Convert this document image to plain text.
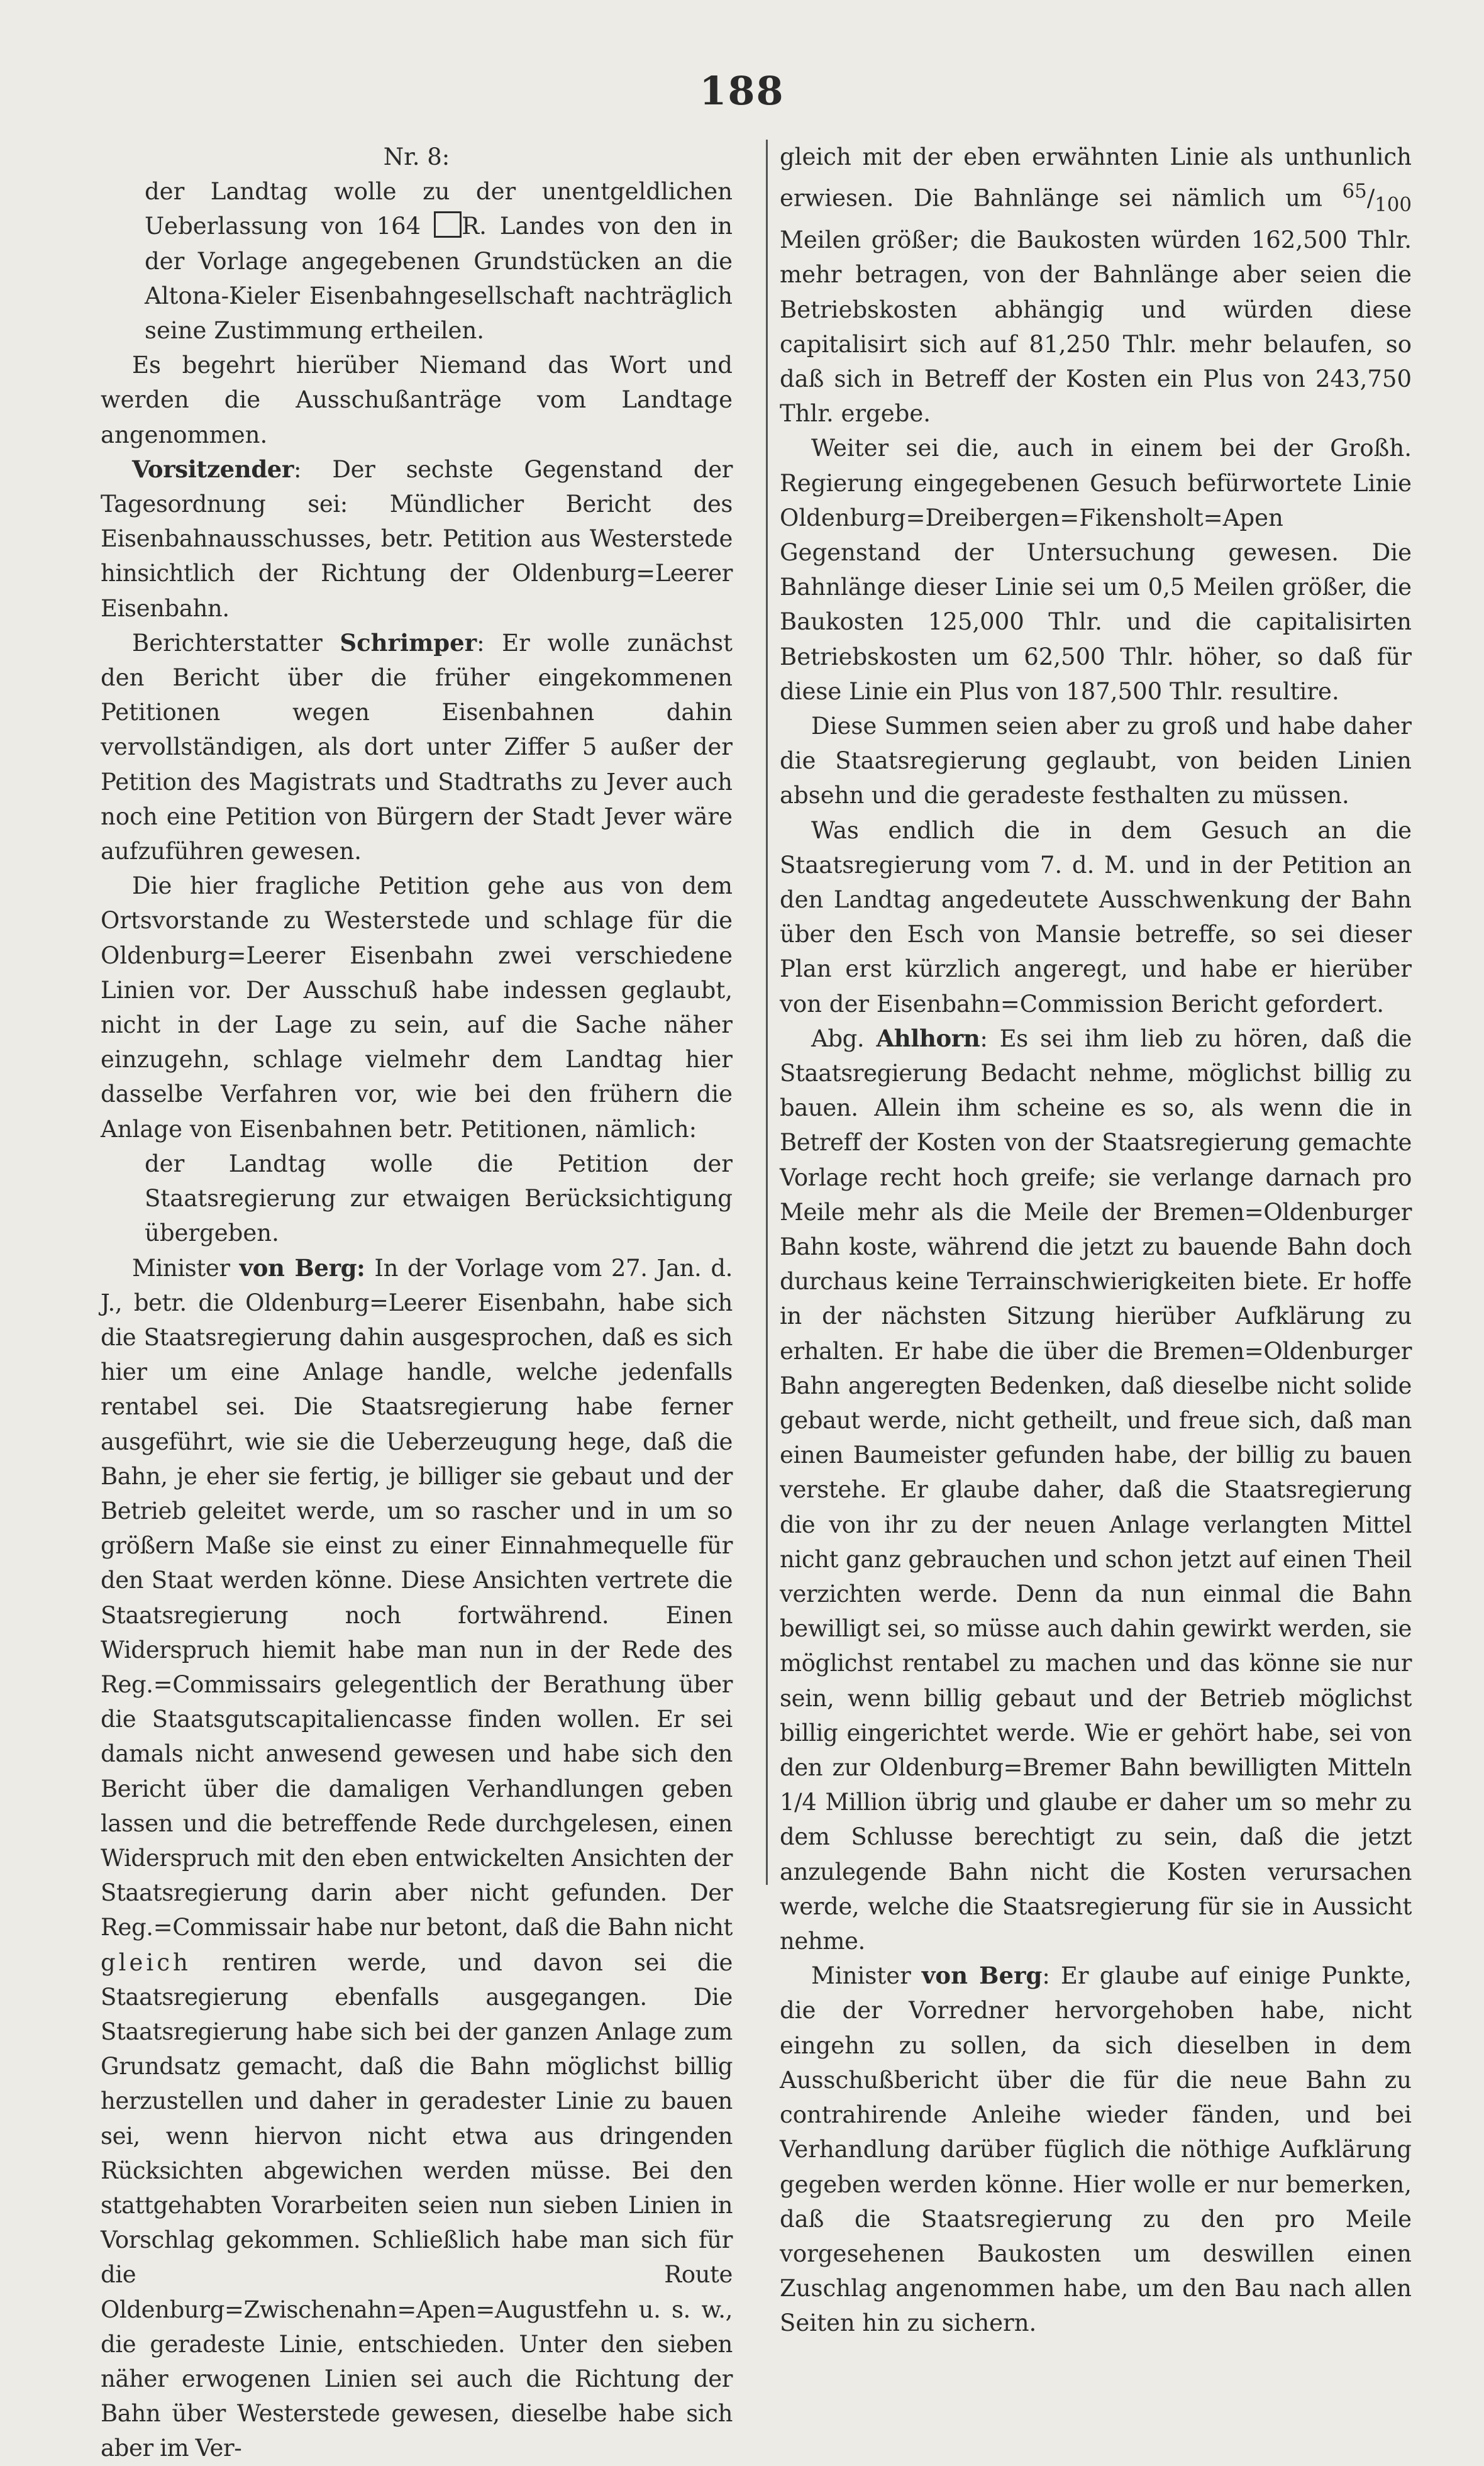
188

Nr. 8:

der Landtag wolle zu der unentgeldlichen Ueberlassung von 164 R. Landes von den in der Vorlage angegebenen Grundstücken an die Altona-Kieler Eisenbahngesellschaft nachträglich seine Zustimmung ertheilen.

Es begehrt hierüber Niemand das Wort und werden die Ausschußanträge vom Landtage angenommen.

Vorsitzender: Der sechste Gegenstand der Tagesordnung sei: Mündlicher Bericht des Eisenbahnausschusses, betr. Petition aus Westerstede hinsichtlich der Richtung der Oldenburg=Leerer Eisenbahn.

Berichterstatter Schrimper: Er wolle zunächst den Bericht über die früher eingekommenen Petitionen wegen Eisenbahnen dahin vervollständigen, als dort unter Ziffer 5 außer der Petition des Magistrats und Stadtraths zu Jever auch noch eine Petition von Bürgern der Stadt Jever wäre aufzuführen gewesen.

Die hier fragliche Petition gehe aus von dem Ortsvorstande zu Westerstede und schlage für die Oldenburg=Leerer Eisenbahn zwei verschiedene Linien vor. Der Ausschuß habe indessen geglaubt, nicht in der Lage zu sein, auf die Sache näher einzugehn, schlage vielmehr dem Landtag hier dasselbe Verfahren vor, wie bei den frühern die Anlage von Eisenbahnen betr. Petitionen, nämlich:

der Landtag wolle die Petition der Staatsregierung zur etwaigen Berücksichtigung übergeben.

Minister von Berg: In der Vorlage vom 27. Jan. d. J., betr. die Oldenburg=Leerer Eisenbahn, habe sich die Staatsregierung dahin ausgesprochen, daß es sich hier um eine Anlage handle, welche jedenfalls rentabel sei. Die Staatsregierung habe ferner ausgeführt, wie sie die Ueberzeugung hege, daß die Bahn, je eher sie fertig, je billiger sie gebaut und der Betrieb geleitet werde, um so rascher und in um so größern Maße sie einst zu einer Einnahmequelle für den Staat werden könne. Diese Ansichten vertrete die Staatsregierung noch fortwährend. Einen Widerspruch hiemit habe man nun in der Rede des Reg.=Commissairs gelegentlich der Berathung über die Staatsgutscapitaliencasse finden wollen. Er sei damals nicht anwesend gewesen und habe sich den Bericht über die damaligen Verhandlungen geben lassen und die betreffende Rede durchgelesen, einen Widerspruch mit den eben entwickelten Ansichten der Staatsregierung darin aber nicht gefunden. Der Reg.=Commissair habe nur betont, daß die Bahn nicht gleich rentiren werde, und davon sei die Staatsregierung ebenfalls ausgegangen. Die Staatsregierung habe sich bei der ganzen Anlage zum Grundsatz gemacht, daß die Bahn möglichst billig herzustellen und daher in geradester Linie zu bauen sei, wenn hiervon nicht etwa aus dringenden Rücksichten abgewichen werden müsse. Bei den stattgehabten Vorarbeiten seien nun sieben Linien in Vorschlag gekommen. Schließlich habe man sich für die Route Oldenburg=Zwischenahn=Apen=Augustfehn u. s. w., die geradeste Linie, entschieden. Unter den sieben näher erwogenen Linien sei auch die Richtung der Bahn über Westerstede gewesen, dieselbe habe sich aber im Ver-

gleich mit der eben erwähnten Linie als unthunlich erwiesen. Die Bahnlänge sei nämlich um $^{65}/_{100}$ Meilen größer; die Baukosten würden 162,500 Thlr. mehr betragen, von der Bahnlänge aber seien die Betriebskosten abhängig und würden diese capitalisirt sich auf 81,250 Thlr. mehr belaufen, so daß sich in Betreff der Kosten ein Plus von 243,750 Thlr. ergebe.

Weiter sei die, auch in einem bei der Großh. Regierung eingegebenen Gesuch befürwortete Linie Oldenburg=Dreibergen=Fikensholt=Apen Gegenstand der Untersuchung gewesen. Die Bahnlänge dieser Linie sei um 0,5 Meilen größer, die Baukosten 125,000 Thlr. und die capitalisirten Betriebskosten um 62,500 Thlr. höher, so daß für diese Linie ein Plus von 187,500 Thlr. resultire.

Diese Summen seien aber zu groß und habe daher die Staatsregierung geglaubt, von beiden Linien absehn und die geradeste festhalten zu müssen.

Was endlich die in dem Gesuch an die Staatsregierung vom 7. d. M. und in der Petition an den Landtag angedeutete Ausschwenkung der Bahn über den Esch von Mansie betreffe, so sei dieser Plan erst kürzlich angeregt, und habe er hierüber von der Eisenbahn=Commission Bericht gefordert.

Abg. Ahlhorn: Es sei ihm lieb zu hören, daß die Staatsregierung Bedacht nehme, möglichst billig zu bauen. Allein ihm scheine es so, als wenn die in Betreff der Kosten von der Staatsregierung gemachte Vorlage recht hoch greife; sie verlange darnach pro Meile mehr als die Meile der Bremen=Oldenburger Bahn koste, während die jetzt zu bauende Bahn doch durchaus keine Terrainschwierigkeiten biete. Er hoffe in der nächsten Sitzung hierüber Aufklärung zu erhalten. Er habe die über die Bremen=Oldenburger Bahn angeregten Bedenken, daß dieselbe nicht solide gebaut werde, nicht getheilt, und freue sich, daß man einen Baumeister gefunden habe, der billig zu bauen verstehe. Er glaube daher, daß die Staatsregierung die von ihr zu der neuen Anlage verlangten Mittel nicht ganz gebrauchen und schon jetzt auf einen Theil verzichten werde. Denn da nun einmal die Bahn bewilligt sei, so müsse auch dahin gewirkt werden, sie möglichst rentabel zu machen und das könne sie nur sein, wenn billig gebaut und der Betrieb möglichst billig eingerichtet werde. Wie er gehört habe, sei von den zur Oldenburg=Bremer Bahn bewilligten Mitteln 1/4 Million übrig und glaube er daher um so mehr zu dem Schlusse berechtigt zu sein, daß die jetzt anzulegende Bahn nicht die Kosten verursachen werde, welche die Staatsregierung für sie in Aussicht nehme.

Minister von Berg: Er glaube auf einige Punkte, die der Vorredner hervorgehoben habe, nicht eingehn zu sollen, da sich dieselben in dem Ausschußbericht über die für die neue Bahn zu contrahirende Anleihe wieder fänden, und bei Verhandlung darüber füglich die nöthige Aufklärung gegeben werden könne. Hier wolle er nur bemerken, daß die Staatsregierung zu den pro Meile vorgesehenen Baukosten um deswillen einen Zuschlag angenommen habe, um den Bau nach allen Seiten hin zu sichern.
